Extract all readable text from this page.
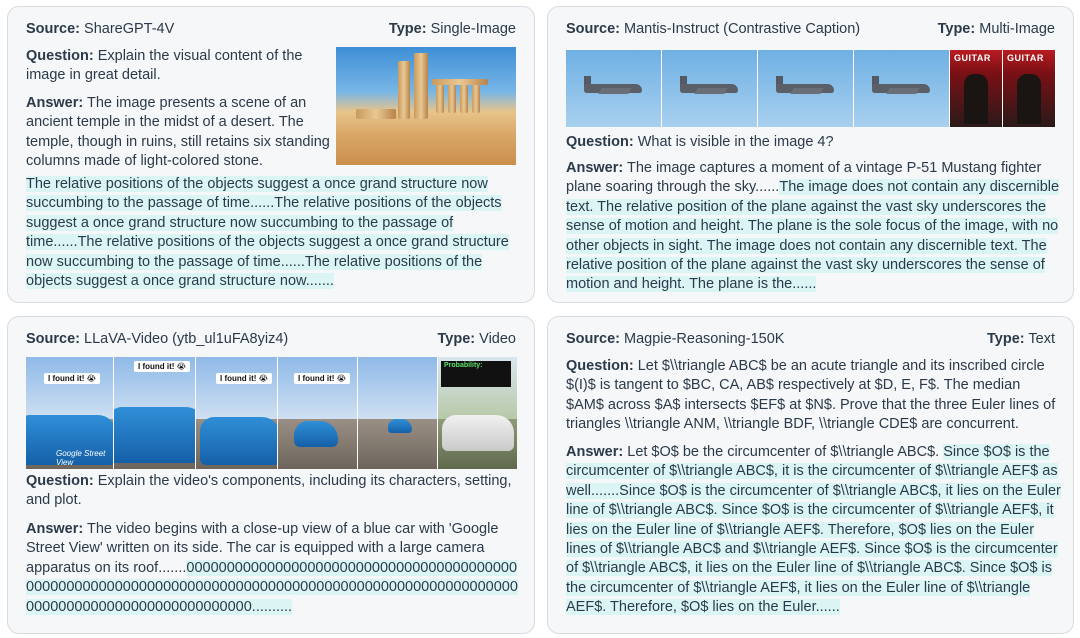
Source: ShareGPT-4V	Type: Single-Image
Question: Explain the visual content of the image in great detail.
Answer: The image presents a scene of an ancient temple in the midst of a desert. The temple, though in ruins, still retains six standing columns made of light-colored stone.
The relative positions of the objects suggest a once grand structure now succumbing to the passage of time......The relative positions of the objects suggest a once grand structure now succumbing to the passage of time......The relative positions of the objects suggest a once grand structure now succumbing to the passage of time......The relative positions of the objects suggest a once grand structure now.......
Source: Mantis-Instruct (Contrastive Caption)	Type: Multi-Image
GUITAR GUITAR
Question: What is visible in the image 4?
Answer: The image captures a moment of a vintage P-51 Mustang fighter plane soaring through the sky......The image does not contain any discernible text. The relative position of the plane against the vast sky underscores the sense of motion and height. The plane is the sole focus of the image, with no other objects in sight. The image does not contain any discernible text. The relative position of the plane against the vast sky underscores the sense of motion and height. The plane is the......
Source: LLaVA-Video (ytb_ul1uFA8yiz4)	Type: Video
I found it! 😭
Google Street View
I found it! 😭
I found it! 😭	I found it! 😭
Probability:
Question: Explain the video's components, including its characters, setting, and plot.
Answer: The video begins with a close-up view of a blue car with 'Google Street View' written on its side. The car is equipped with a large camera apparatus on its roof.......0000000000000000000000000000000000000000000000000000000000000000000000000000000000000000000000000000000000000000000000000000000000..........
Source: Magpie-Reasoning-150K	Type: Text
Question: Let $\\triangle ABC$ be an acute triangle and its inscribed circle $(I)$ is tangent to $BC, CA, AB$ respectively at $D, E, F$. The median $AM$ across $A$ intersects $EF$ at $N$. Prove that the three Euler lines of triangles \\triangle ANM, \\triangle BDF, \\triangle CDE$ are concurrent.
Answer: Let $O$ be the circumcenter of $\\triangle ABC$. Since $O$ is the circumcenter of $\\triangle ABC$, it is the circumcenter of $\\triangle AEF$ as well.......Since $O$ is the circumcenter of $\\triangle ABC$, it lies on the Euler line of $\\triangle ABC$. Since $O$ is the circumcenter of $\\triangle AEF$, it lies on the Euler line of $\\triangle AEF$. Therefore, $O$ lies on the Euler lines of $\\triangle ABC$ and $\\triangle AEF$. Since $O$ is the circumcenter of $\\triangle ABC$, it lies on the Euler line of $\\triangle ABC$. Since $O$ is the circumcenter of $\\triangle AEF$, it lies on the Euler line of $\\triangle AEF$. Therefore, $O$ lies on the Euler......
